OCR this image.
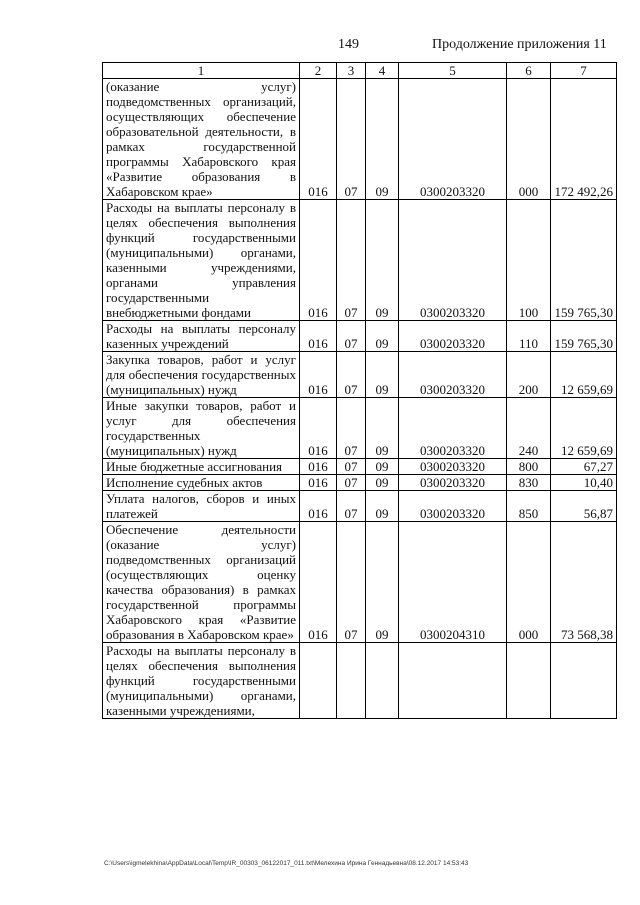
149	Продолжение приложения 11
1	2	3	4	5	6	7
(оказание услуг) подведомственных организаций, осуществляющих обеспечение образовательной деятельности, в рамках государственной программы Хабаровского края «Развитие образования в Хабаровском крае»	016	07	09	0300203320	000	172 492,26
Расходы на выплаты персоналу в целях обеспечения выполнения функций государственными (муниципальными) органами, казенными учреждениями, органами управления государственными внебюджетными фондами	016	07	09	0300203320	100	159 765,30
Расходы на выплаты персоналу казенных учреждений	016	07	09	0300203320	110	159 765,30
Закупка товаров, работ и услуг для обеспечения государственных (муниципальных) нужд	016	07	09	0300203320	200	12 659,69
Иные закупки товаров, работ и услуг для обеспечения государственных (муниципальных) нужд	016	07	09	0300203320	240	12 659,69
Иные бюджетные ассигнования	016	07	09	0300203320	800	67,27
Исполнение судебных актов	016	07	09	0300203320	830	10,40
Уплата налогов, сборов и иных платежей	016	07	09	0300203320	850	56,87
Обеспечение деятельности (оказание услуг) подведомственных организаций (осуществляющих оценку качества образования) в рамках государственной программы Хабаровского края «Развитие образования в Хабаровском крае»	016	07	09	0300204310	000	73 568,38
Расходы на выплаты персоналу в целях обеспечения выполнения функций государственными (муниципальными) органами, казенными учреждениями,						
C:\Users\igmelekhina\AppData\Local\Temp\IR_00303_06122017_011.txt\Мелехина Ирина Геннадьевна\08.12.2017 14:53:43
